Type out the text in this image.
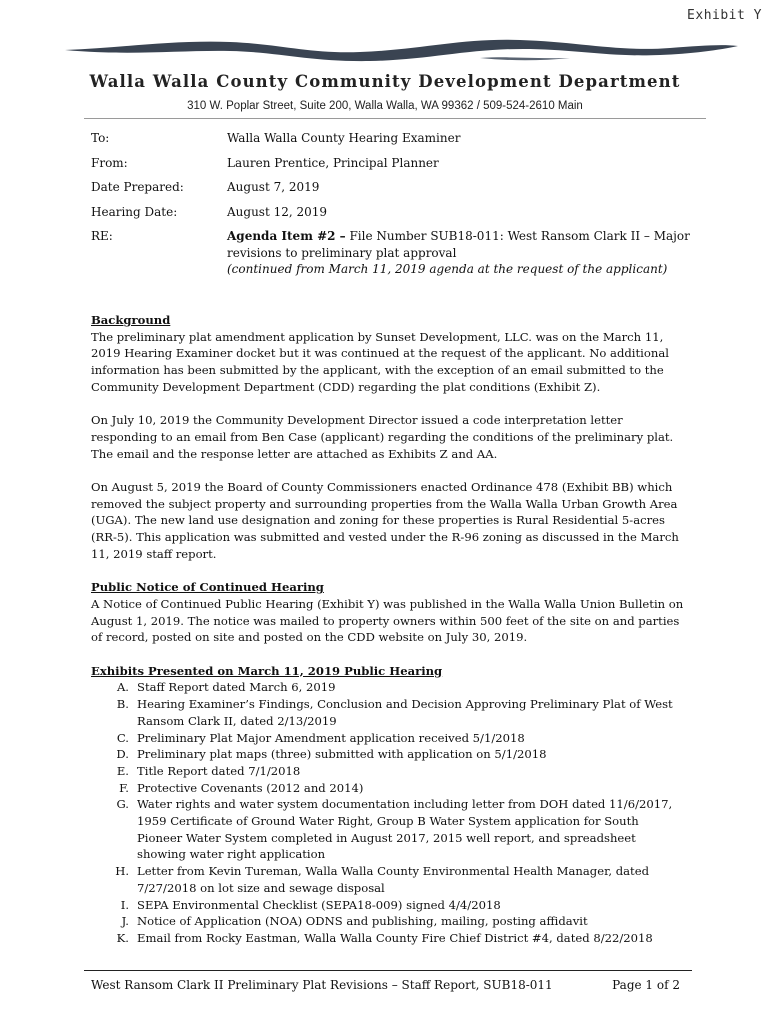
Exhibit Y
Walla Walla County Community Development Department
310 W. Poplar Street, Suite 200, Walla Walla, WA 99362 / 509-524-2610 Main
To:	Walla Walla County Hearing Examiner
From:	Lauren Prentice, Principal Planner
Date Prepared:	August 7, 2019
Hearing Date:	August 12, 2019
RE:	Agenda Item #2 – File Number SUB18-011: West Ransom Clark II – Major revisions to preliminary plat approval
(continued from March 11, 2019 agenda at the request of the applicant)
Background

The preliminary plat amendment application by Sunset Development, LLC. was on the March 11, 2019 Hearing Examiner docket but it was continued at the request of the applicant. No additional information has been submitted by the applicant, with the exception of an email submitted to the Community Development Department (CDD) regarding the plat conditions (Exhibit Z).

On July 10, 2019 the Community Development Director issued a code interpretation letter responding to an email from Ben Case (applicant) regarding the conditions of the preliminary plat. The email and the response letter are attached as Exhibits Z and AA.

On August 5, 2019 the Board of County Commissioners enacted Ordinance 478 (Exhibit BB) which removed the subject property and surrounding properties from the Walla Walla Urban Growth Area (UGA). The new land use designation and zoning for these properties is Rural Residential 5-acres (RR-5). This application was submitted and vested under the R-96 zoning as discussed in the March 11, 2019 staff report.

Public Notice of Continued Hearing

A Notice of Continued Public Hearing (Exhibit Y) was published in the Walla Walla Union Bulletin on August 1, 2019. The notice was mailed to property owners within 500 feet of the site on and parties of record, posted on site and posted on the CDD website on July 30, 2019.

Exhibits Presented on March 11, 2019 Public Hearing
A. Staff Report dated March 6, 2019
B. Hearing Examiner’s Findings, Conclusion and Decision Approving Preliminary Plat of West Ransom Clark II, dated 2/13/2019
C. Preliminary Plat Major Amendment application received 5/1/2018
D. Preliminary plat maps (three) submitted with application on 5/1/2018
E. Title Report dated 7/1/2018
F. Protective Covenants (2012 and 2014)
G. Water rights and water system documentation including letter from DOH dated 11/6/2017, 1959 Certificate of Ground Water Right, Group B Water System application for South Pioneer Water System completed in August 2017, 2015 well report, and spreadsheet showing water right application
H. Letter from Kevin Tureman, Walla Walla County Environmental Health Manager, dated 7/27/2018 on lot size and sewage disposal
I. SEPA Environmental Checklist (SEPA18-009) signed 4/4/2018
J. Notice of Application (NOA) ODNS and publishing, mailing, posting affidavit
K. Email from Rocky Eastman, Walla Walla County Fire Chief District #4, dated 8/22/2018
West Ransom Clark II Preliminary Plat Revisions – Staff Report, SUB18-011	Page 1 of 2
